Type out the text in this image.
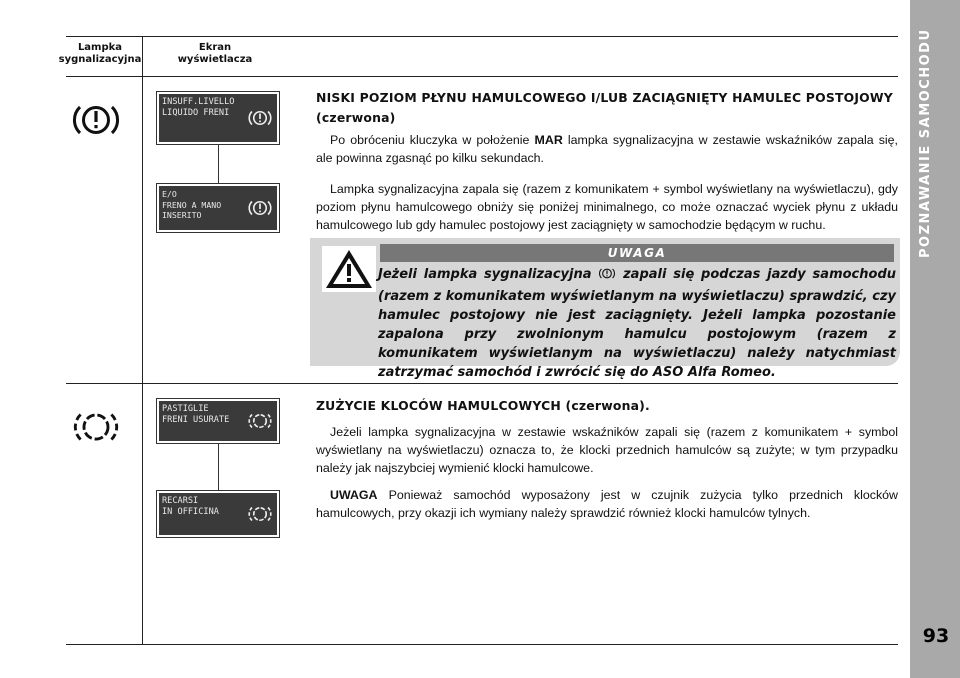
POZNAWANIE SAMOCHODU
93
Lampka sygnalizacyjna
Ekran wyświetlacza
INSUFF.LIVELLO
LIQUIDO FRENI
E/O
FRENO A MANO
INSERITO
NISKI POZIOM PŁYNU HAMULCOWEGO I/LUB ZACIĄGNIĘTY HAMULEC POSTOJOWY (czerwona)
Po obróceniu kluczyka w położenie MAR lampka sygnalizacyjna w zestawie wskaźników zapala się, ale powinna zgasnąć po kilku sekundach.
Lampka sygnalizacyjna zapala się (razem z komunikatem + symbol wyświetlany na wyświetlaczu), gdy poziom płynu hamulcowego obniży się poniżej minimalnego, co może oznaczać wyciek płynu z układu hamulcowego lub gdy hamulec postojowy jest zaciągnięty w samochodzie będącym w ruchu.
UWAGA
Jeżeli lampka sygnalizacyjna  zapali się podczas jazdy samochodu (razem z komunikatem wyświetlanym na wyświetlaczu) sprawdzić, czy hamulec postojowy nie jest zaciągnięty. Jeżeli lampka pozostanie zapalona przy zwolnionym hamulcu postojowym (razem z komunikatem wyświetlanym na wyświetlaczu) należy natychmiast zatrzymać samochód i zwrócić się do ASO Alfa Romeo.
PASTIGLIE
FRENI USURATE
RECARSI
IN OFFICINA
ZUŻYCIE KLOCÓW HAMULCOWYCH (czerwona).
Jeżeli lampka sygnalizacyjna w zestawie wskaźników zapali się (razem z komunikatem + symbol wyświetlany na wyświetlaczu) oznacza to, że klocki przednich hamulców są zużyte; w tym przypadku należy jak najszybciej wymienić klocki hamulcowe.
UWAGA Ponieważ samochód wyposażony jest w czujnik zużycia tylko przednich klocków hamulcowych, przy okazji ich wymiany należy sprawdzić również klocki hamulców tylnych.
